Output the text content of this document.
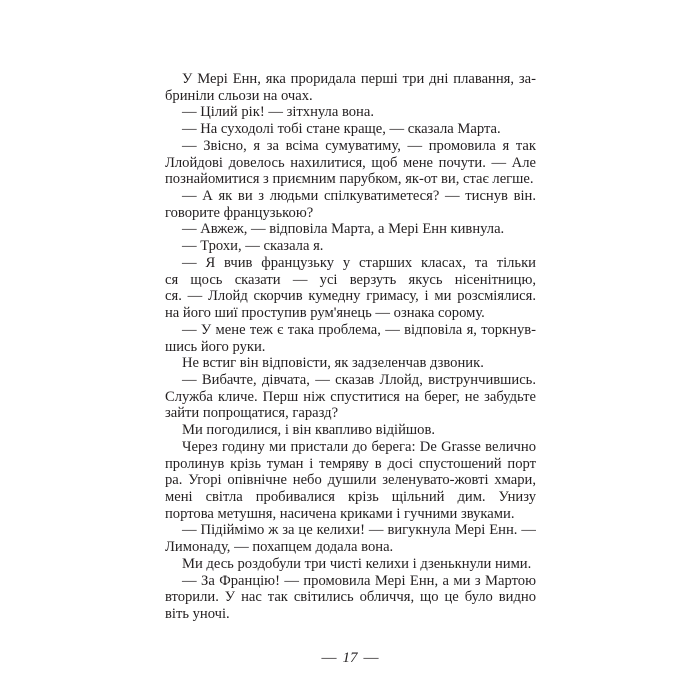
У Мері Енн, яка проридала перші три дні плавання, за-
бриніли сльози на очах.
— Цілий рік! — зітхнула вона.
— На суходолі тобі стане краще, — сказала Марта.
— Звісно, я за всіма сумуватиму, — промовила я так
Ллойдові довелось нахилитися, щоб мене почути. — Але
познайомитися з приємним парубком, як-от ви, стає легше.
— А як ви з людьми спілкуватиметеся? — тиснув він.
говорите французькою?
— Авжеж, — відповіла Марта, а Мері Енн кивнула.
— Трохи, — сказала я.
— Я вчив французьку у старших класах, та тільки
ся щось сказати — усі верзуть якусь нісенітницю,
ся. — Ллойд скорчив кумедну гримасу, і ми розсміялися.
на його шиї проступив рум'янець — ознака сорому.
— У мене теж є така проблема, — відповіла я, торкнув-
шись його руки.
Не встиг він відповісти, як задзеленчав дзвоник.
— Вибачте, дівчата, — сказав Ллойд, виструнчившись.
Служба кличе. Перш ніж спуститися на берег, не забудьте
зайти попрощатися, гаразд?
Ми погодилися, і він квапливо відійшов.
Через годину ми пристали до берега: De Grasse велично
пролинув крізь туман і темряву в досі спустошений порт
ра. Угорі опівнічне небо душили зеленувато-жовті хмари,
мені світла пробивалися крізь щільний дим. Унизу
портова метушня, насичена криками і гучними звуками.
— Підіймімо ж за це келихи! — вигукнула Мері Енн. —
Лимонаду, — похапцем додала вона.
Ми десь роздобули три чисті келихи і дзенькнули ними.
— За Францію! — промовила Мері Енн, а ми з Мартою
вторили. У нас так світились обличчя, що це було видно
віть уночі.
— 17 —
